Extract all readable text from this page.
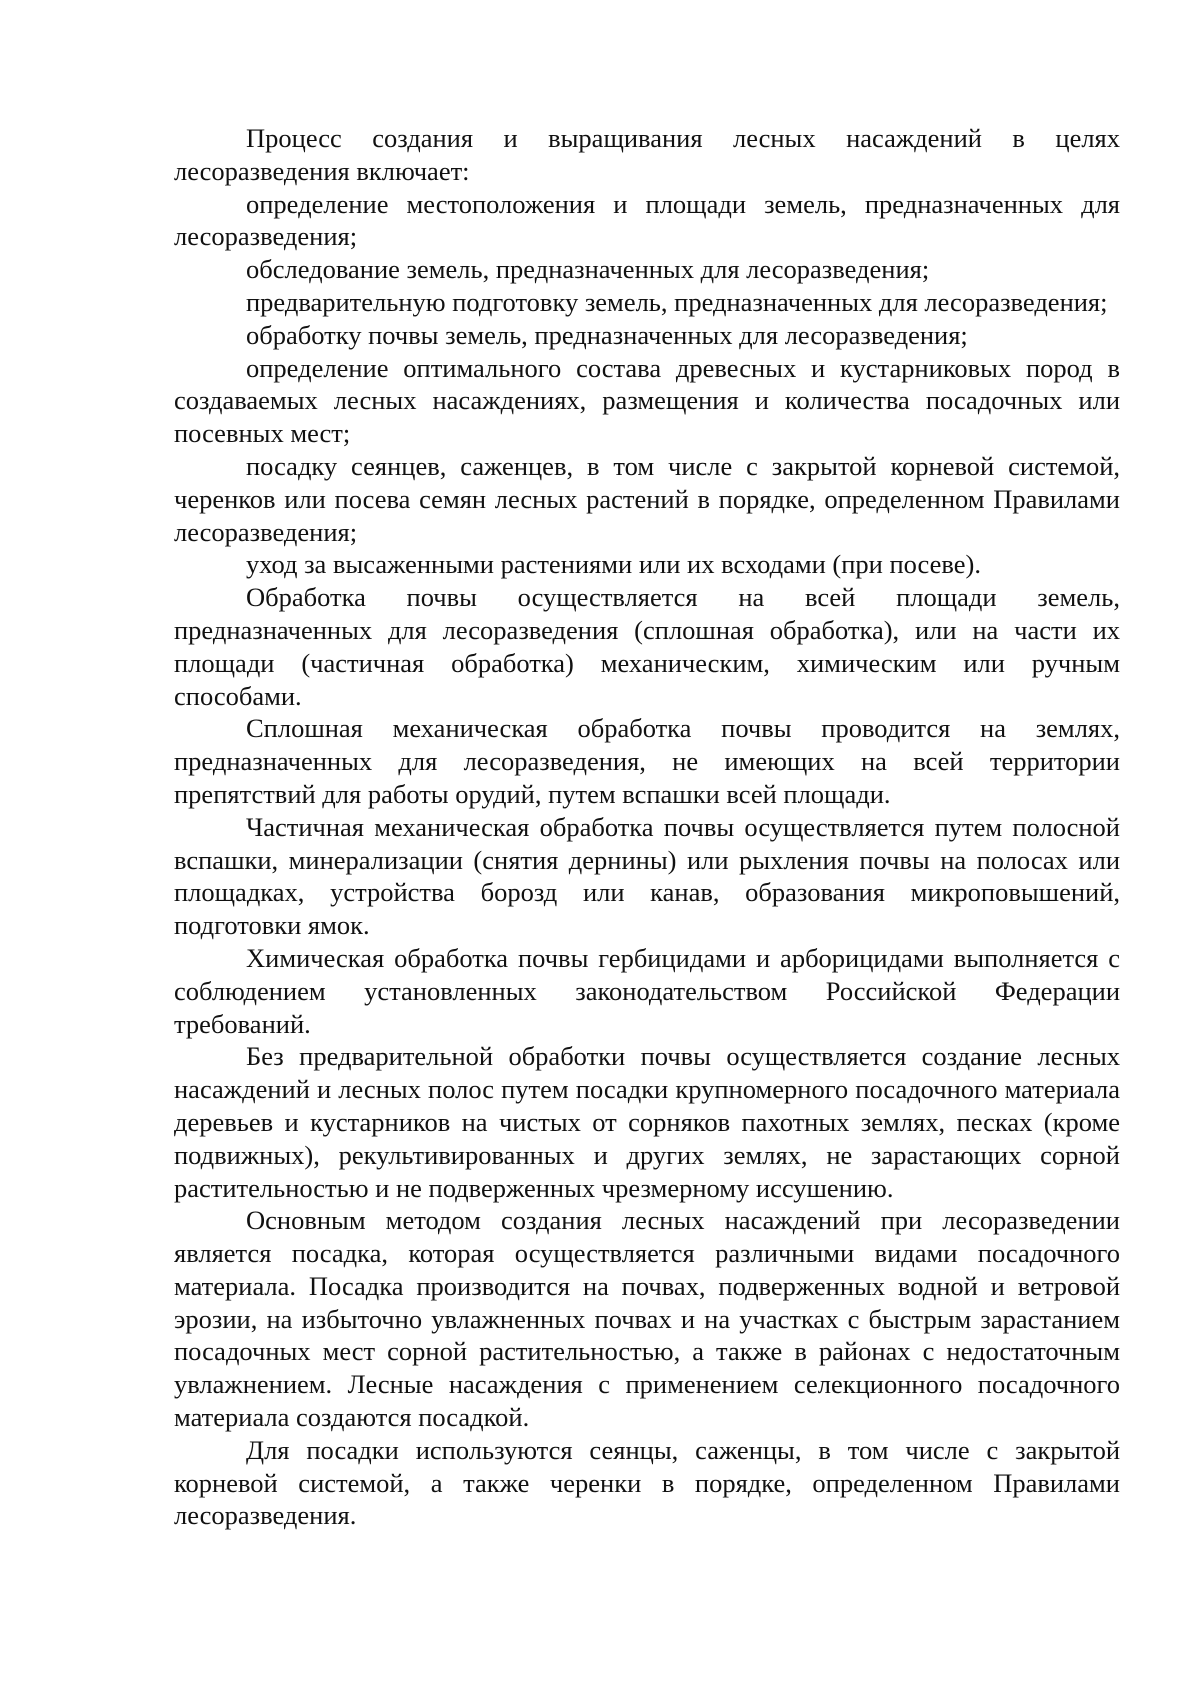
Процесс создания и выращивания лесных насаждений в целях лесоразведения включает:

определение местоположения и площади земель, предназначенных для лесоразведения;

обследование земель, предназначенных для лесоразведения;

предварительную подготовку земель, предназначенных для лесоразведения;

обработку почвы земель, предназначенных для лесоразведения;

определение оптимального состава древесных и кустарниковых пород в создаваемых лесных насаждениях, размещения и количества посадочных или посевных мест;

посадку сеянцев, саженцев, в том числе с закрытой корневой системой, черенков или посева семян лесных растений в порядке, определенном Правилами лесоразведения;

уход за высаженными растениями или их всходами (при посеве).

Обработка почвы осуществляется на всей площади земель, предназначенных для лесоразведения (сплошная обработка), или на части их площади (частичная обработка) механическим, химическим или ручным способами.

Сплошная механическая обработка почвы проводится на землях, предназначенных для лесоразведения, не имеющих на всей территории препятствий для работы орудий, путем вспашки всей площади.

Частичная механическая обработка почвы осуществляется путем полосной вспашки, минерализации (снятия дернины) или рыхления почвы на полосах или площадках, устройства борозд или канав, образования микроповышений, подготовки ямок.

Химическая обработка почвы гербицидами и арборицидами выполняется с соблюдением установленных законодательством Российской Федерации требований.

Без предварительной обработки почвы осуществляется создание лесных насаждений и лесных полос путем посадки крупномерного посадочного материала деревьев и кустарников на чистых от сорняков пахотных землях, песках (кроме подвижных), рекультивированных и других землях, не зарастающих сорной растительностью и не подверженных чрезмерному иссушению.

Основным методом создания лесных насаждений при лесоразведении является посадка, которая осуществляется различными видами посадочного материала. Посадка производится на почвах, подверженных водной и ветровой эрозии, на избыточно увлажненных почвах и на участках с быстрым зарастанием посадочных мест сорной растительностью, а также в районах с недостаточным увлажнением. Лесные насаждения с применением селекционного посадочного материала создаются посадкой.

Для посадки используются сеянцы, саженцы, в том числе с закрытой корневой системой, а также черенки в порядке, определенном Правилами лесоразведения.
